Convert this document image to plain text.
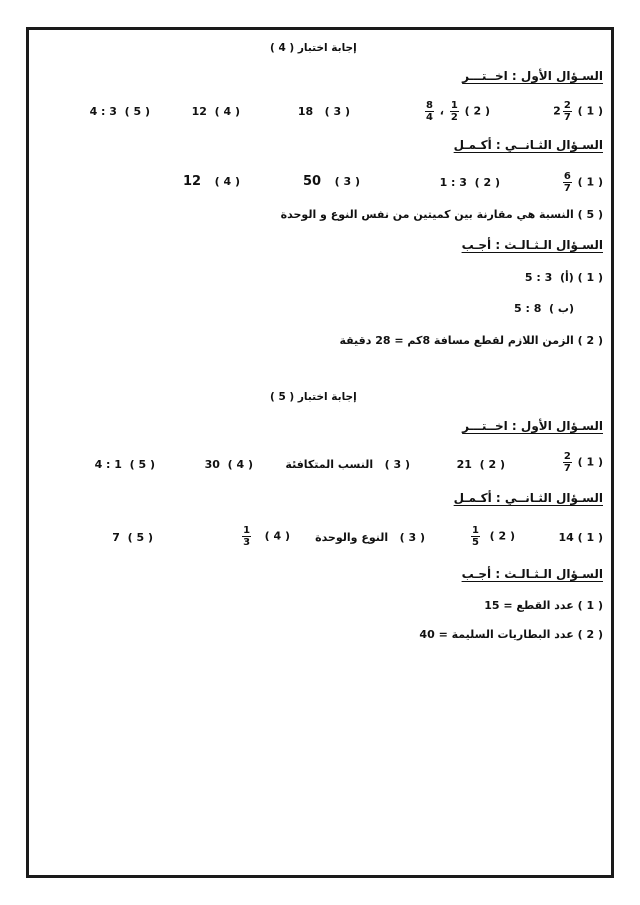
إجابة اختبار ( 4 )
السـؤال الأول : اخــتـــر
( 1 ) $2 \frac{2}{7}$
( 2 )
$\frac{1}{2}$
،
$\frac{8}{4}$
( 3 )   18
( 4 )  12
( 5 )  4 : 3
السـؤال الثـانــي : أكـمـل
( 1 )
$\frac{6}{7}$
( 2 )  1 : 3
( 3 )   50
( 4 )   12
( 5 ) النسبة هي مقارنة بين كميتين من نفس النوع و الوحدة
السـؤال الـثـالـث : أجـب
( 1 ) (أ)  5 : 3
(ب )  5 : 8
( 2 ) الزمن اللازم لقطع مسافة 8كم = 28 دقيقة
إجابة اختبار ( 5 )
السـؤال الأول : اخــتـــر
( 1 )
$\frac{2}{7}$
( 2 )  21
( 3 )   النسب المتكافئة
( 4 )  30
( 5 )  4 : 1
السـؤال الثـانــي : أكـمـل
( 1 ) 14
( 2 )
$\frac{1}{5}$
( 3 )   النوع والوحدة
( 4 )
$\frac{1}{3}$
( 5 )  7
السـؤال الـثـالـث : أجـب
( 1 ) عدد القطع = 15
( 2 ) عدد البطاريات السليمة = 40
